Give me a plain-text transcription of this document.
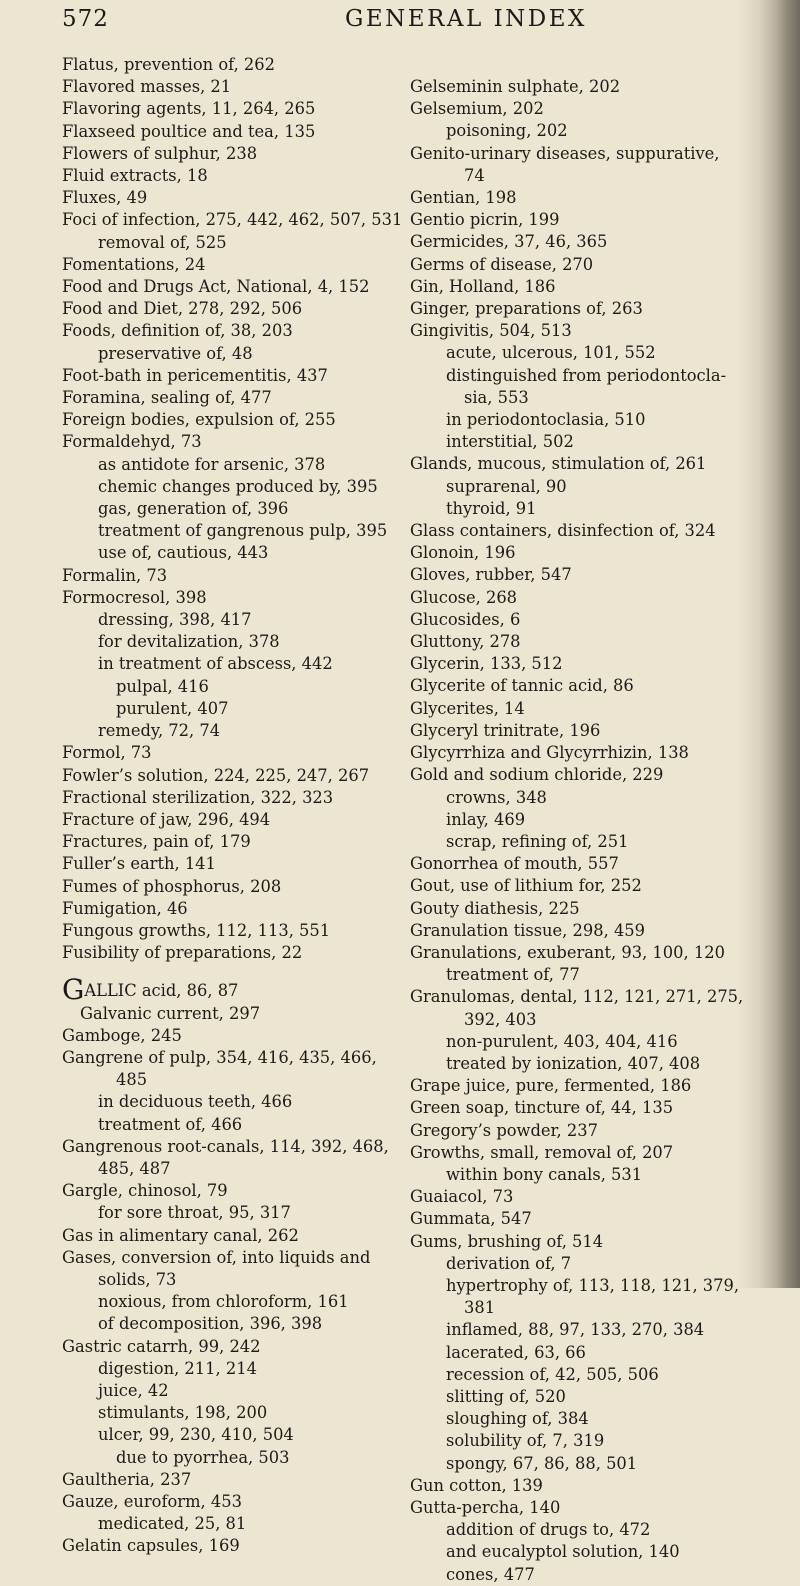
572	GENERAL INDEX
Flatus, prevention of, 262
Flavored masses, 21
Flavoring agents, 11, 264, 265
Flaxseed poultice and tea, 135
Flowers of sulphur, 238
Fluid extracts, 18
Fluxes, 49
Foci of infection, 275, 442, 462, 507, 531
removal of, 525
Fomentations, 24
Food and Drugs Act, National, 4, 152
Food and Diet, 278, 292, 506
Foods, definition of, 38, 203
preservative of, 48
Foot-bath in pericementitis, 437
Foramina, sealing of, 477
Foreign bodies, expulsion of, 255
Formaldehyd, 73
as antidote for arsenic, 378
chemic changes produced by, 395
gas, generation of, 396
treatment of gangrenous pulp, 395
use of, cautious, 443
Formalin, 73
Formocresol, 398
dressing, 398, 417
for devitalization, 378
in treatment of abscess, 442
pulpal, 416
purulent, 407
remedy, 72, 74
Formol, 73
Fowler’s solution, 224, 225, 247, 267
Fractional sterilization, 322, 323
Fracture of jaw, 296, 494
Fractures, pain of, 179
Fuller’s earth, 141
Fumes of phosphorus, 208
Fumigation, 46
Fungous growths, 112, 113, 551
Fusibility of preparations, 22
GALLIC acid, 86, 87
Galvanic current, 297
Gamboge, 245
Gangrene of pulp, 354, 416, 435, 466,
485
in deciduous teeth, 466
treatment of, 466
Gangrenous root-canals, 114, 392, 468,
485, 487
Gargle, chinosol, 79
for sore throat, 95, 317
Gas in alimentary canal, 262
Gases, conversion of, into liquids and
solids, 73
noxious, from chloroform, 161
of decomposition, 396, 398
Gastric catarrh, 99, 242
digestion, 211, 214
juice, 42
stimulants, 198, 200
ulcer, 99, 230, 410, 504
due to pyorrhea, 503
Gaultheria, 237
Gauze, euroform, 453
medicated, 25, 81
Gelatin capsules, 169
Gelseminin sulphate, 202
Gelsemium, 202
poisoning, 202
Genito-urinary diseases, suppurative,
74
Gentian, 198
Gentio picrin, 199
Germicides, 37, 46, 365
Germs of disease, 270
Gin, Holland, 186
Ginger, preparations of, 263
Gingivitis, 504, 513
acute, ulcerous, 101, 552
distinguished from periodontocla-
sia, 553
in periodontoclasia, 510
interstitial, 502
Glands, mucous, stimulation of, 261
suprarenal, 90
thyroid, 91
Glass containers, disinfection of, 324
Glonoin, 196
Gloves, rubber, 547
Glucose, 268
Glucosides, 6
Gluttony, 278
Glycerin, 133, 512
Glycerite of tannic acid, 86
Glycerites, 14
Glyceryl trinitrate, 196
Glycyrrhiza and Glycyrrhizin, 138
Gold and sodium chloride, 229
crowns, 348
inlay, 469
scrap, refining of, 251
Gonorrhea of mouth, 557
Gout, use of lithium for, 252
Gouty diathesis, 225
Granulation tissue, 298, 459
Granulations, exuberant, 93, 100, 120
treatment of, 77
Granulomas, dental, 112, 121, 271, 275,
392, 403
non-purulent, 403, 404, 416
treated by ionization, 407, 408
Grape juice, pure, fermented, 186
Green soap, tincture of, 44, 135
Gregory’s powder, 237
Growths, small, removal of, 207
within bony canals, 531
Guaiacol, 73
Gummata, 547
Gums, brushing of, 514
derivation of, 7
hypertrophy of, 113, 118, 121, 379,
381
inflamed, 88, 97, 133, 270, 384
lacerated, 63, 66
recession of, 42, 505, 506
slitting of, 520
sloughing of, 384
solubility of, 7, 319
spongy, 67, 86, 88, 501
Gun cotton, 139
Gutta-percha, 140
addition of drugs to, 472
and eucalyptol solution, 140
cones, 477
